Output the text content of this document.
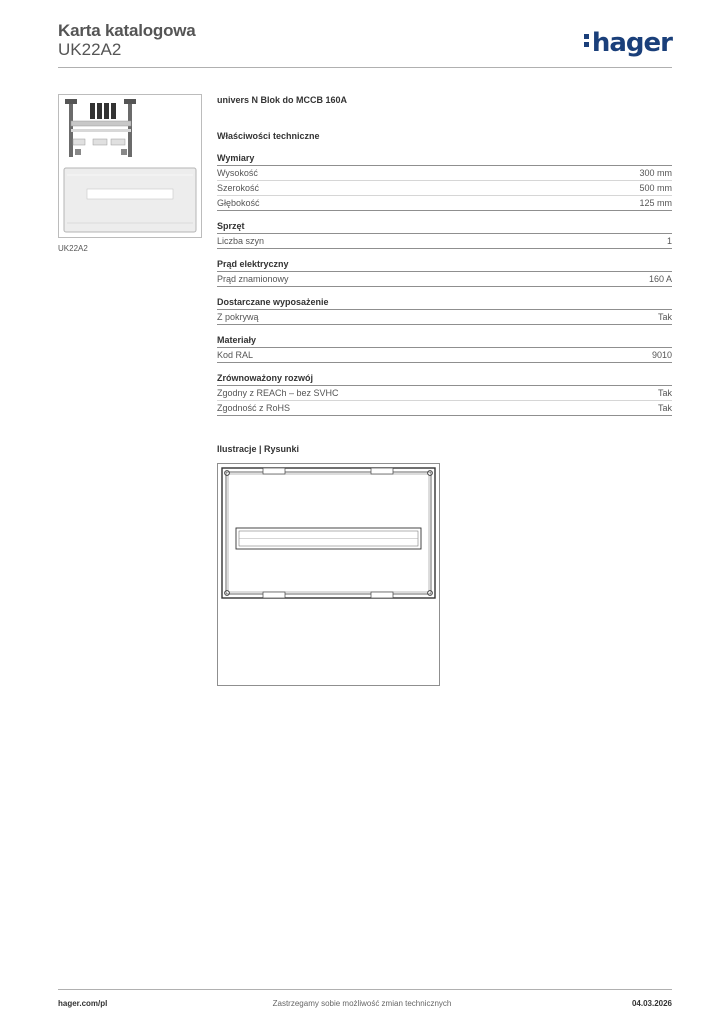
Karta katalogowa
UK22A2	hager
UK22A2
univers N Blok do MCCB 160A
Właściwości techniczne
Wymiary
Wysokość	300 mm
Szerokość	500 mm
Głębokość	125 mm
Sprzęt
Liczba szyn	1
Prąd elektryczny
Prąd znamionowy	160 A
Dostarczane wyposażenie
Z pokrywą	Tak
Materiały
Kod RAL	9010
Zrównoważony rozwój
Zgodny z REACh – bez SVHC	Tak
Zgodność z RoHS	Tak
Ilustracje | Rysunki
hager.com/pl	Zastrzegamy sobie możliwość zmian technicznych	04.03.2026
